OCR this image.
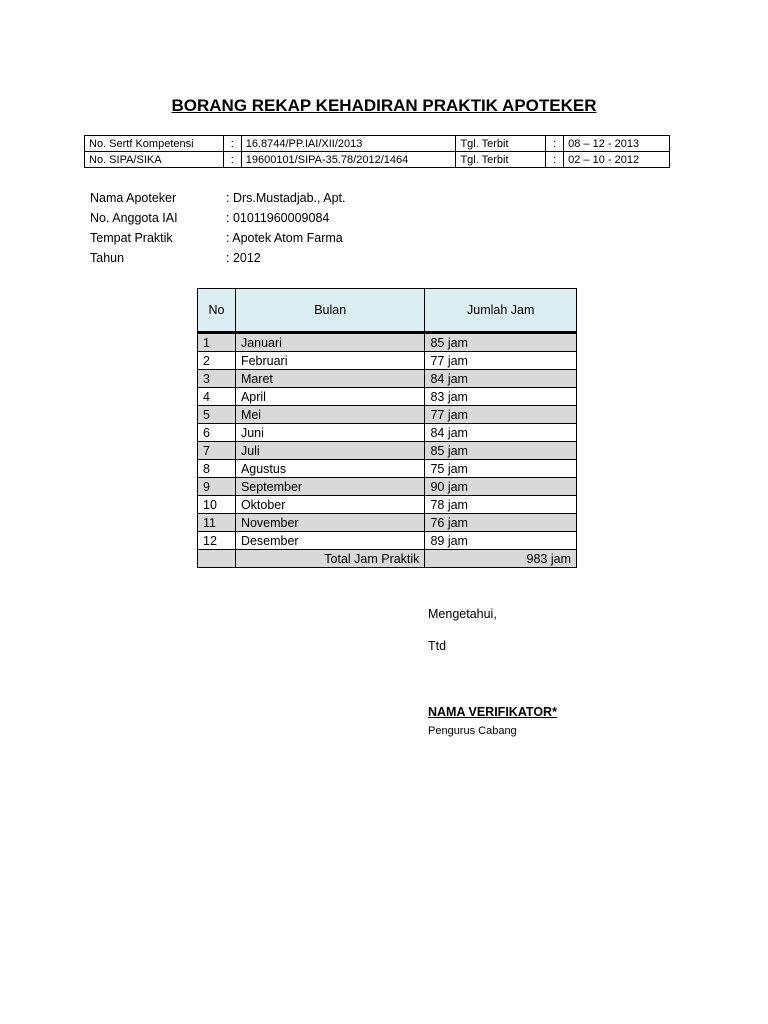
BORANG REKAP KEHADIRAN PRAKTIK APOTEKER
No. Sertf Kompetensi	:	16.8744/PP.IAI/XII/2013	Tgl. Terbit	:	08 – 12 - 2013
No. SIPA/SIKA	:	19600101/SIPA-35.78/2012/1464	Tgl. Terbit	:	02 – 10 - 2012
Nama Apoteker	: Drs.Mustadjab., Apt.
No. Anggota IAI	: 01011960009084
Tempat Praktik	: Apotek Atom Farma
Tahun	: 2012
No	Bulan	Jumlah Jam
1	Januari	85 jam
2	Februari	77 jam
3	Maret	84 jam
4	April	83 jam
5	Mei	77 jam
6	Juni	84 jam
7	Juli	85 jam
8	Agustus	75 jam
9	September	90 jam
10	Oktober	78 jam
11	November	76 jam
12	Desember	89 jam
	Total Jam Praktik	983 jam
Mengetahui,
Ttd
NAMA VERIFIKATOR*
Pengurus Cabang
